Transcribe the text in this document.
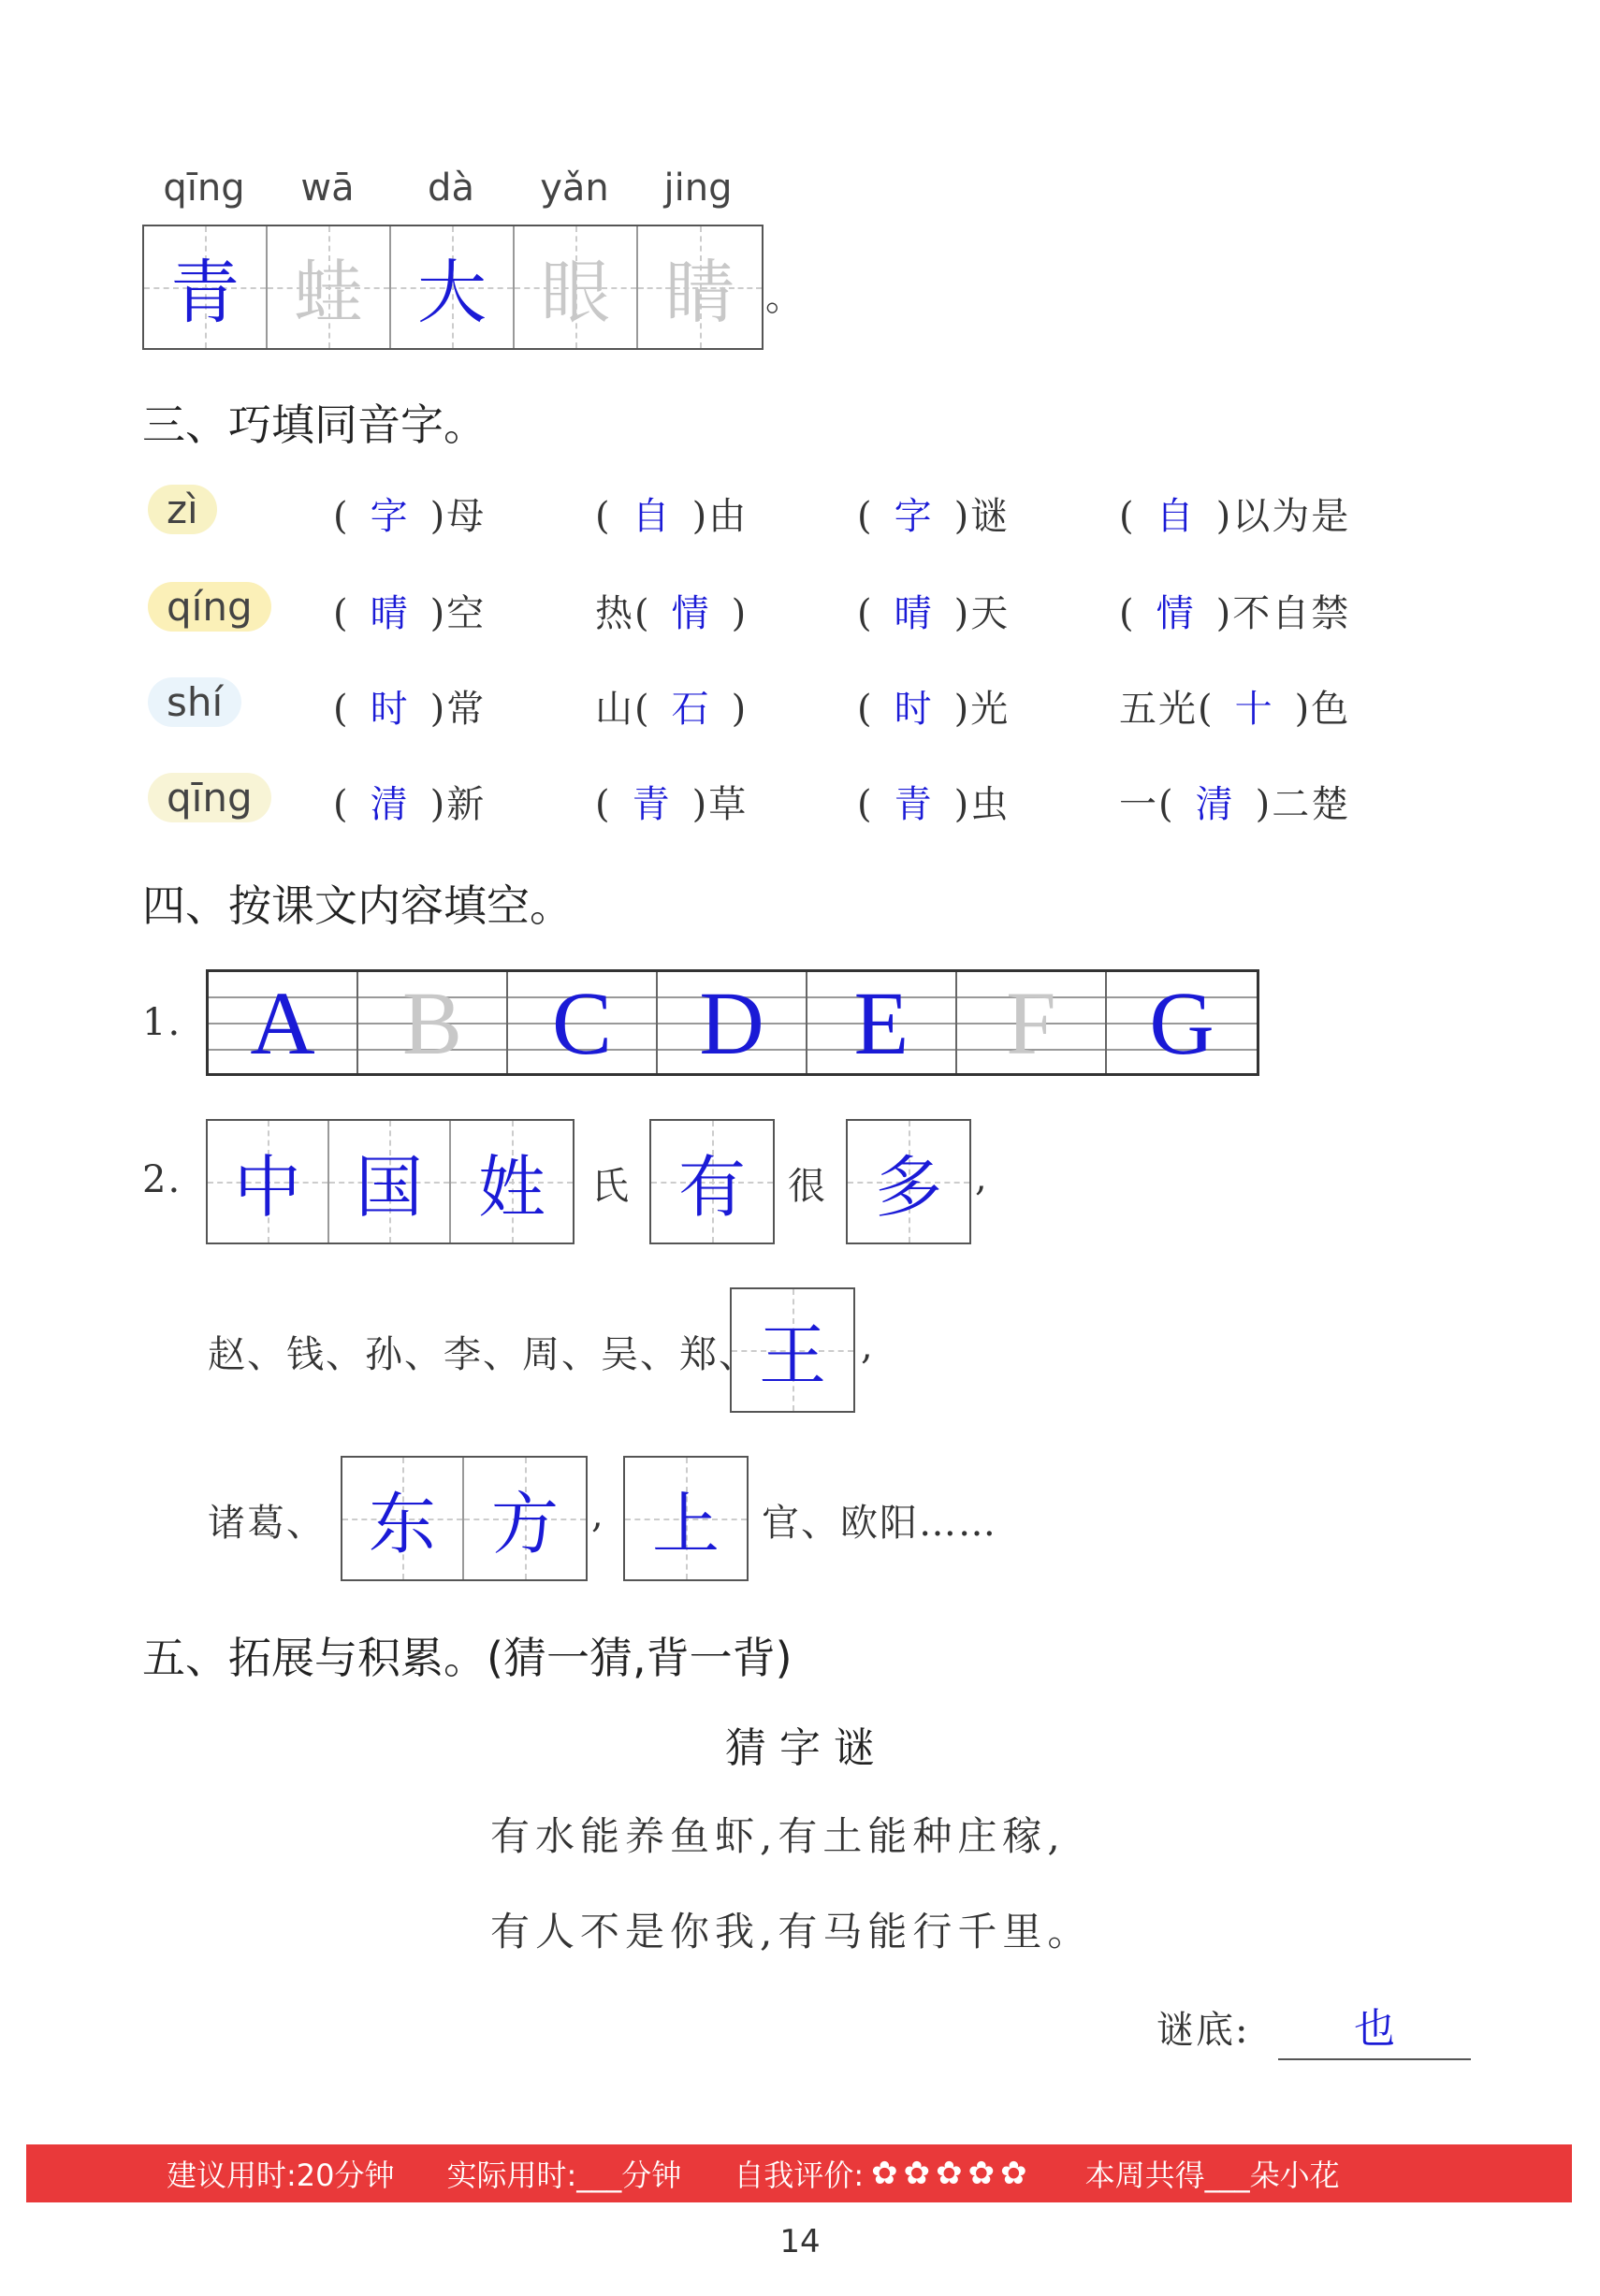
qīng	wā	dà	yǎn	jing
青 蛙 大 眼 睛 。
三、巧填同音字。
zì	( 字 )母	( 自 )由	( 字 )谜	( 自 )以为是
qíng	( 晴 )空	热( 情 )	( 晴 )天	( 情 )不自禁
shí	( 时 )常	山( 石 )	( 时 )光	五光( 十 )色
qīng	( 清 )新	( 青 )草	( 青 )虫	一( 清 )二楚
四、按课文内容填空。
1. A B C D	E	F	G
2. 中 国 姓	氏 有	很 多 ,
赵、钱、孙、李、周、吴、郑、 王 ,
诸葛、 东 方 , 上	官、欧阳……
五、拓展与积累。(猜一猜,背一背)
猜 字 谜
有水能养鱼虾,有土能种庄稼,
有人不是你我,有马能行千里。
谜底:	也
建议用时:20分钟 实际用时:___分钟 自我评价: ✿ ✿ ✿ ✿ ✿ 本周共得___朵小花
14
